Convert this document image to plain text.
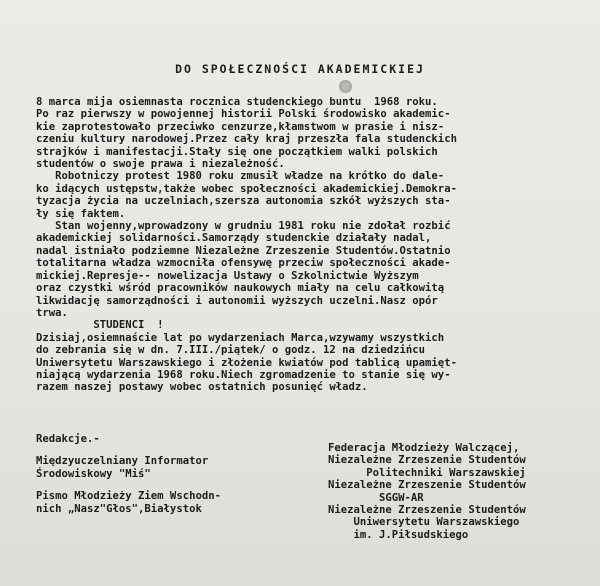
DO SPOŁECZNOŚCI AKADEMICKIEJ
8 marca mija osiemnasta rocznica studenckiego buntu  1968 roku.
Po raz pierwszy w powojennej historii Polski środowisko akademic-
kie zaprotestowało przeciwko cenzurze,kłamstwom w prasie i nisz-
czeniu kultury narodowej.Przez cały kraj przeszła fala studenckich
strajków i manifestacji.Stały się one początkiem walki polskich
studentów o swoje prawa i niezależność.
Robotniczy protest 1980 roku zmusił władze na krótko do dale-
ko idących ustępstw,także wobec społeczności akademickiej.Demokra-
tyzacja życia na uczelniach,szersza autonomia szkół wyższych sta-
ły się faktem.
Stan wojenny,wprowadzony w grudniu 1981 roku nie zdołał rozbić
akademickiej solidarności.Samorządy studenckie działały nadal,
nadal istniało podziemne Niezależne Zrzeszenie Studentów.Ostatnio
totalitarna władza wzmocniła ofensywę przeciw społeczności akade-
mickiej.Represje-- nowelizacja Ustawy o Szkolnictwie Wyższym
oraz czystki wśród pracowników naukowych miały na celu całkowitą
likwidację samorządności i autonomii wyższych uczelni.Nasz opór
trwa.
STUDENCI  !
Dzisiaj,osiemnaście lat po wydarzeniach Marca,wzywamy wszystkich
do zebrania się w dn. 7.III./piątek/ o godz. 12 na dziedzińcu
Uniwersytetu Warszawskiego i złożenie kwiatów pod tablicą upamięt-
niającą wydarzenia 1968 roku.Niech zgromadzenie to stanie się wy-
razem naszej postawy wobec ostatnich posunięć władz.
Redakcje.-
Międzyuczelniany Informator
Środowiskowy "Miś"
Pismo Młodzieży Ziem Wschodn-
nich „Nasz"Głos",Białystok
Federacja Młodzieży Walczącej,
Niezależne Zrzeszenie Studentów
Politechniki Warszawskiej
Niezależne Zrzeszenie Studentów
SGGW-AR
Niezależne Zrzeszenie Studentów
Uniwersytetu Warszawskiego
im. J.Piłsudskiego
